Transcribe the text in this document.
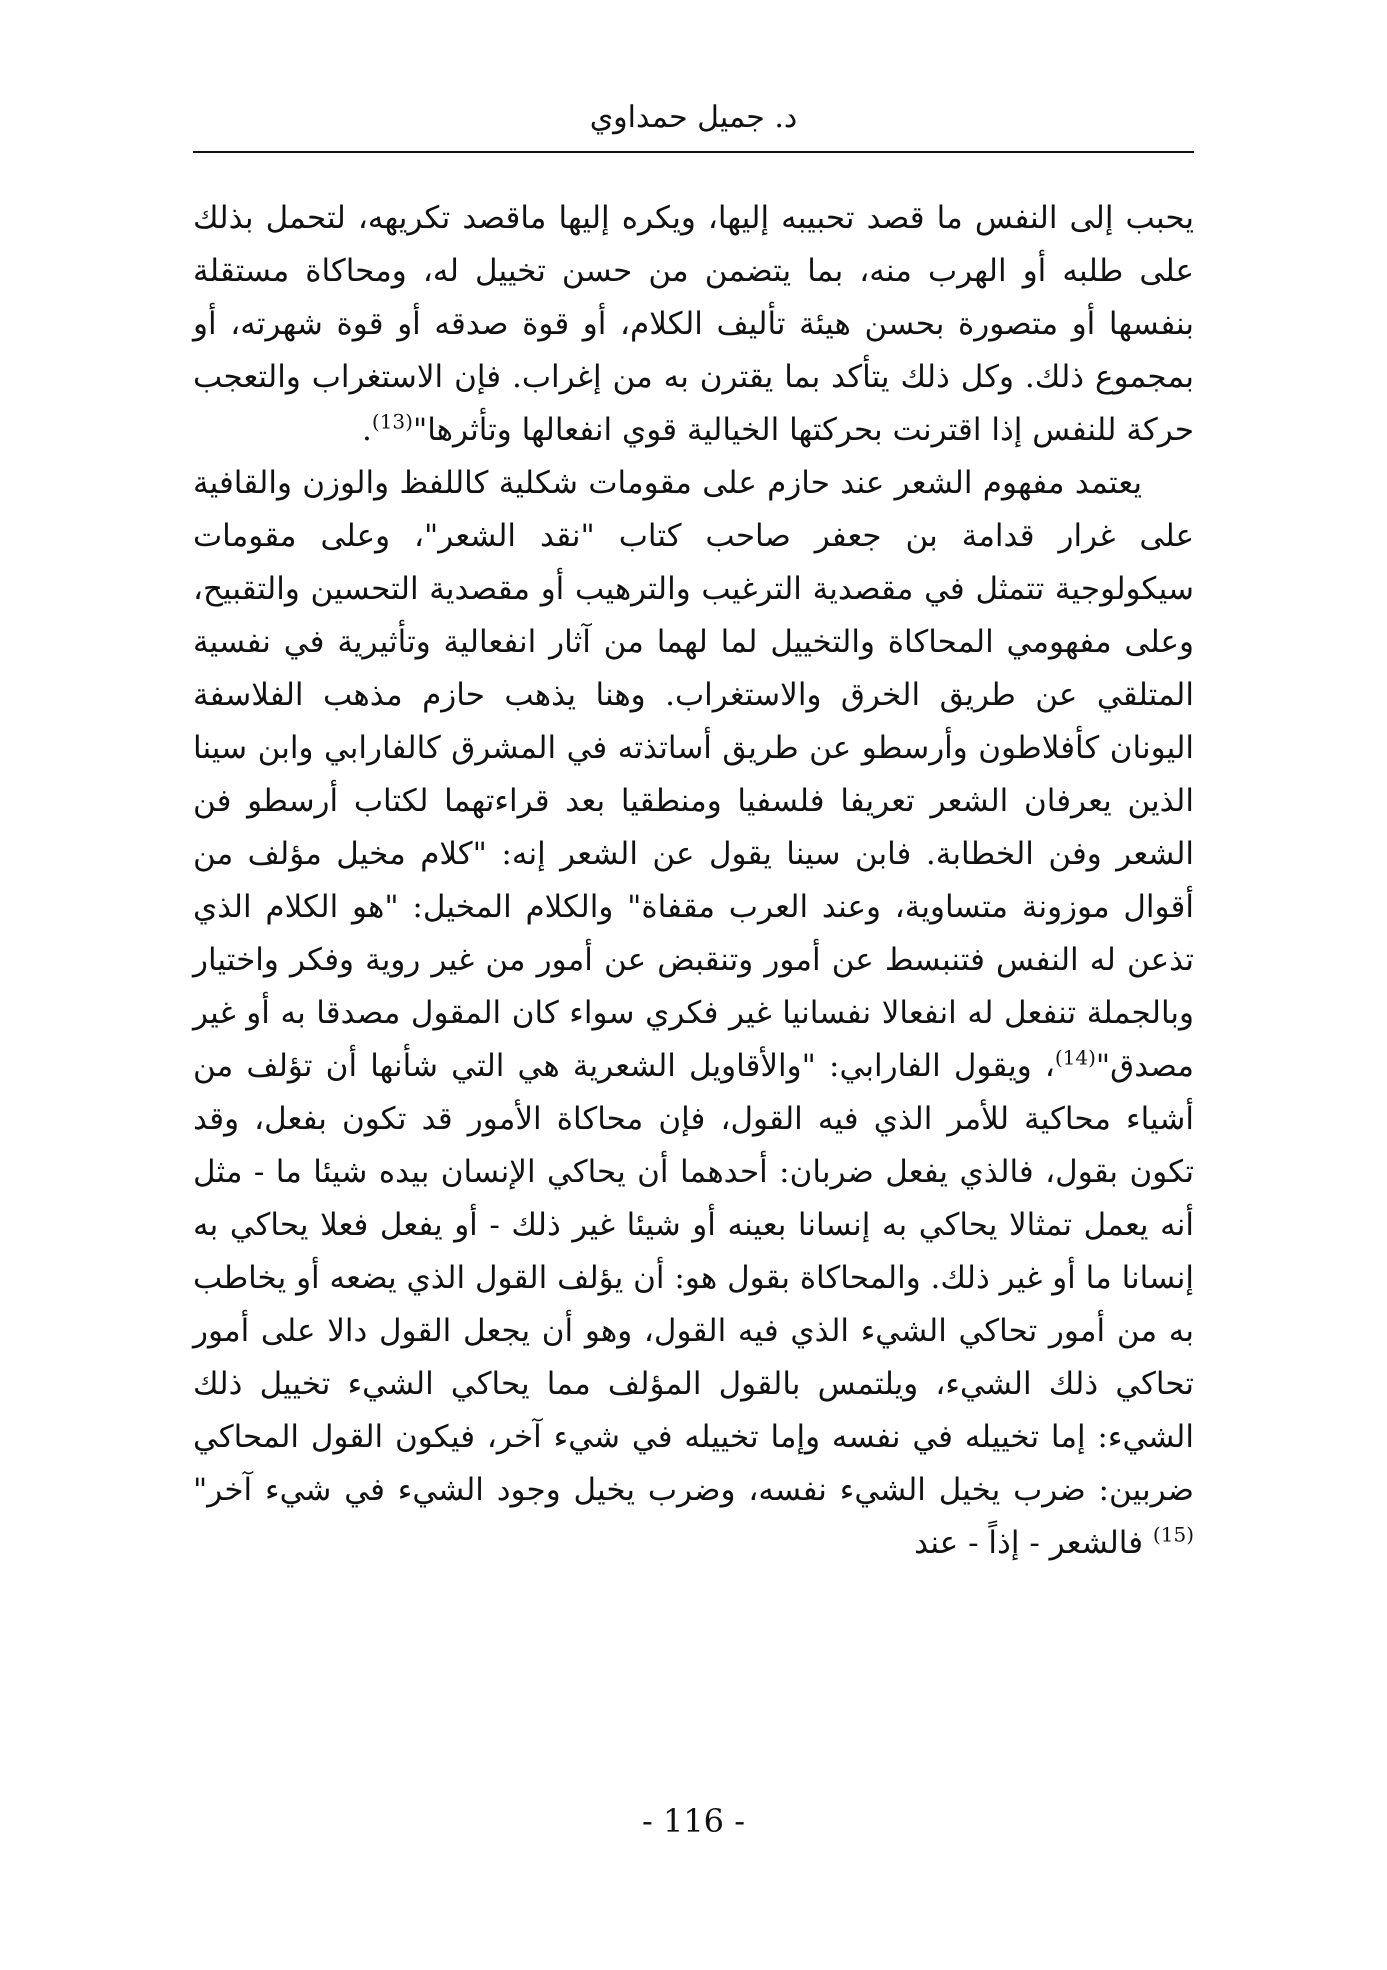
د. جميل حمداوي

يحبب إلى النفس ما قصد تحبيبه إليها، ويكره إليها ماقصد تكريهه، لتحمل بذلك على طلبه أو الهرب منه، بما يتضمن من حسن تخييل له، ومحاكاة مستقلة بنفسها أو متصورة بحسن هيئة تأليف الكلام، أو قوة صدقه أو قوة شهرته، أو بمجموع ذلك. وكل ذلك يتأكد بما يقترن به من إغراب. فإن الاستغراب والتعجب حركة للنفس إذا اقترنت بحركتها الخيالية قوي انفعالها وتأثرها"$^{(13)}$.

يعتمد مفهوم الشعر عند حازم على مقومات شكلية كاللفظ والوزن والقافية على غرار قدامة بن جعفر صاحب كتاب "نقد الشعر"، وعلى مقومات سيكولوجية تتمثل في مقصدية الترغيب والترهيب أو مقصدية التحسين والتقبيح، وعلى مفهومي المحاكاة والتخييل لما لهما من آثار انفعالية وتأثيرية في نفسية المتلقي عن طريق الخرق والاستغراب. وهنا يذهب حازم مذهب الفلاسفة اليونان كأفلاطون وأرسطو عن طريق أساتذته في المشرق كالفارابي وابن سينا الذين يعرفان الشعر تعريفا فلسفيا ومنطقيا بعد قراءتهما لكتاب أرسطو فن الشعر وفن الخطابة. فابن سينا يقول عن الشعر إنه: "كلام مخيل مؤلف من أقوال موزونة متساوية، وعند العرب مقفاة" والكلام المخيل: "هو الكلام الذي تذعن له النفس فتنبسط عن أمور وتنقبض عن أمور من غير روية وفكر واختيار وبالجملة تنفعل له انفعالا نفسانيا غير فكري سواء كان المقول مصدقا به أو غير مصدق"$^{(14)}$، ويقول الفارابي: "والأقاويل الشعرية هي التي شأنها أن تؤلف من أشياء محاكية للأمر الذي فيه القول، فإن محاكاة الأمور قد تكون بفعل، وقد تكون بقول، فالذي يفعل ضربان: أحدهما أن يحاكي الإنسان بيده شيئا ما - مثل أنه يعمل تمثالا يحاكي به إنسانا بعينه أو شيئا غير ذلك - أو يفعل فعلا يحاكي به إنسانا ما أو غير ذلك. والمحاكاة بقول هو: أن يؤلف القول الذي يضعه أو يخاطب به من أمور تحاكي الشيء الذي فيه القول، وهو أن يجعل القول دالا على أمور تحاكي ذلك الشيء، ويلتمس بالقول المؤلف مما يحاكي الشيء تخييل ذلك الشيء: إما تخييله في نفسه وإما تخييله في شيء آخر، فيكون القول المحاكي ضربين: ضرب يخيل الشيء نفسه، وضرب يخيل وجود الشيء في شيء آخر"$^{(15)}$ فالشعر - إذاً - عند

- 116 -
